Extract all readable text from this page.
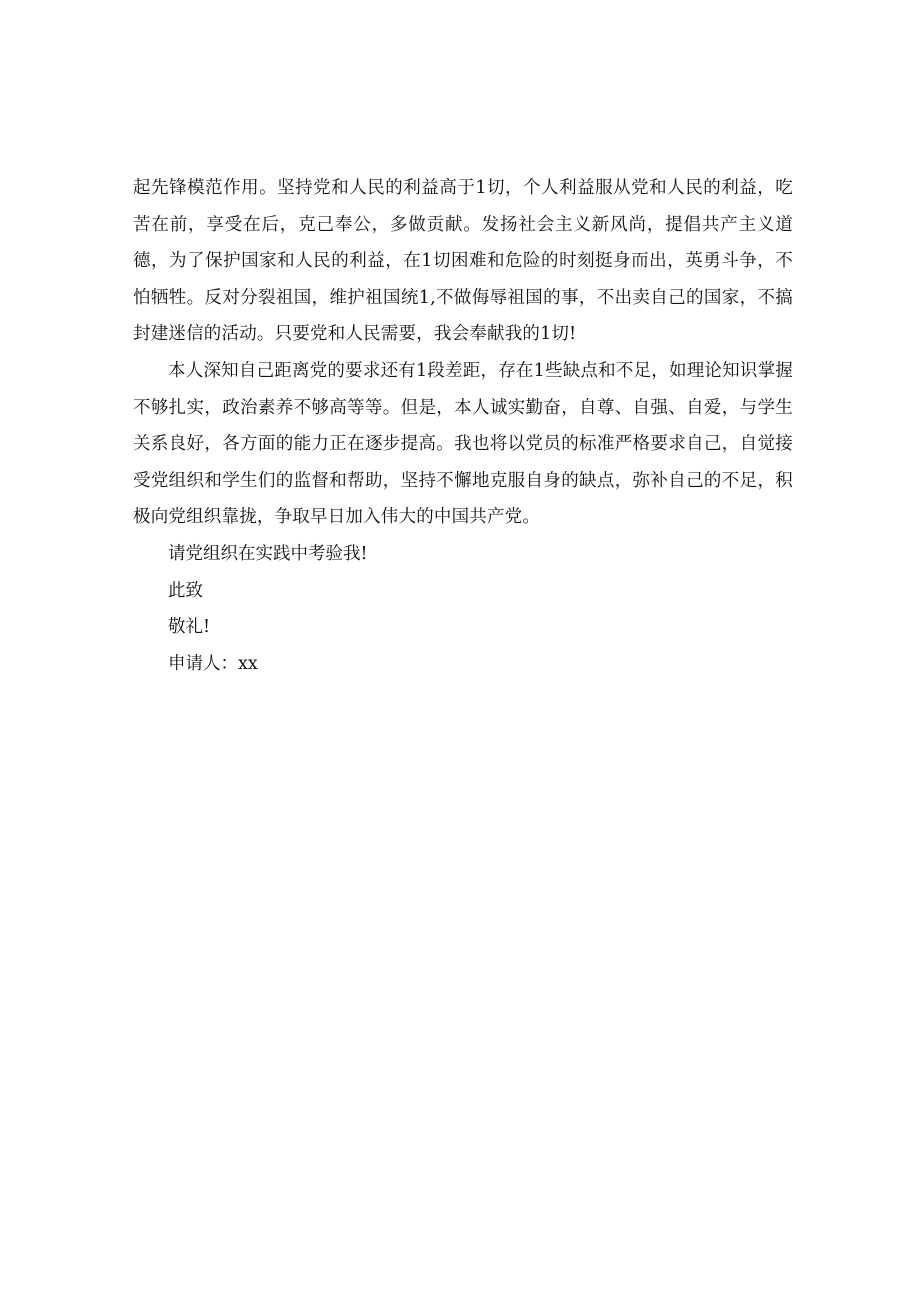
起先锋模范作用。坚持党和人民的利益高于1切，个人利益服从党和人民的利益，吃苦在前，享受在后，克己奉公，多做贡献。发扬社会主义新风尚，提倡共产主义道德，为了保护国家和人民的利益，在1切困难和危险的时刻挺身而出，英勇斗争，不怕牺牲。反对分裂祖国，维护祖国统1,不做侮辱祖国的事，不出卖自己的国家，不搞封建迷信的活动。只要党和人民需要，我会奉献我的1切!

本人深知自己距离党的要求还有1段差距，存在1些缺点和不足，如理论知识掌握不够扎实，政治素养不够高等等。但是，本人诚实勤奋，自尊、自强、自爱，与学生关系良好，各方面的能力正在逐步提高。我也将以党员的标准严格要求自己，自觉接受党组织和学生们的监督和帮助，坚持不懈地克服自身的缺点，弥补自己的不足，积极向党组织靠拢，争取早日加入伟大的中国共产党。

请党组织在实践中考验我!

此致

敬礼!

申请人：xx
